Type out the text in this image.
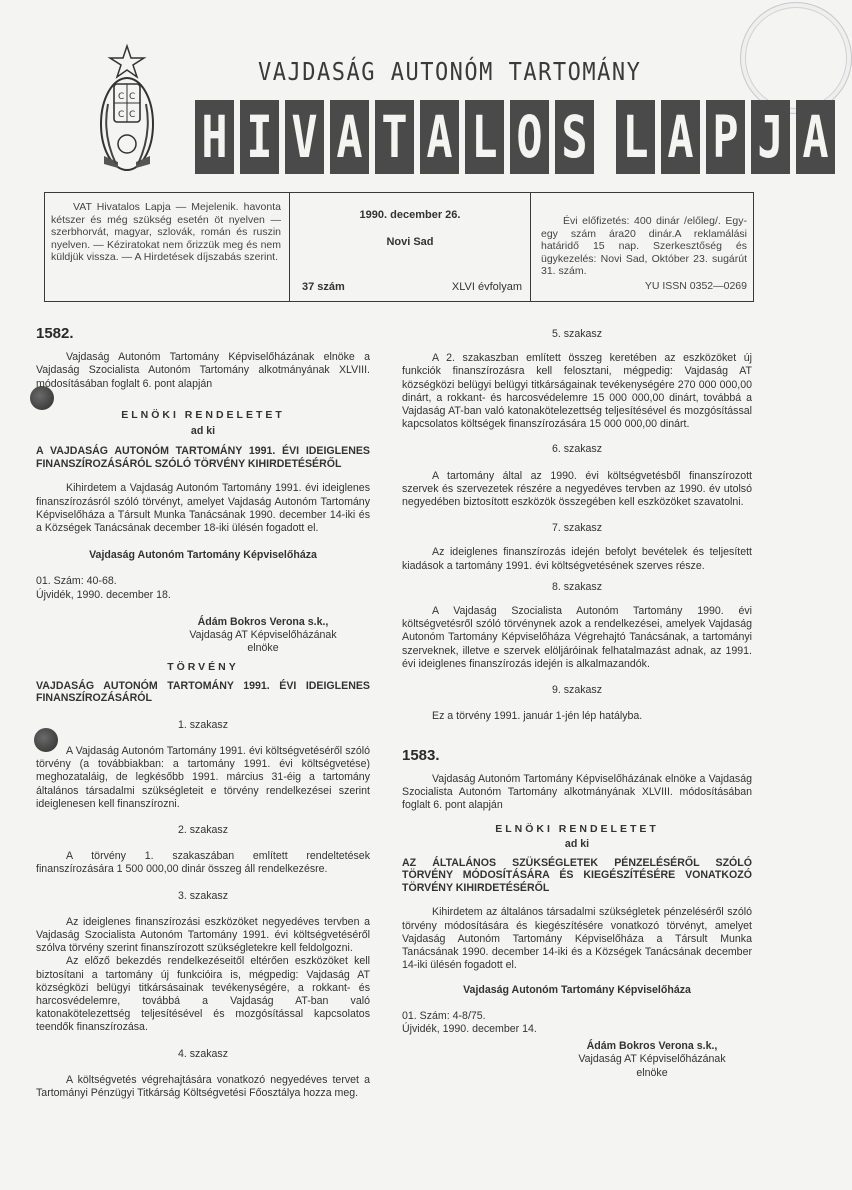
C C
C C
VAJDASÁG AUTONÓM TARTOMÁNY
H I V A T A L O S L A P J A
VAT Hivatalos Lapja — Mejelenik. havonta kétszer és még szükség esetén öt nyelven — szerbhorvát, magyar, szlovák, román és ruszin nyelven. — Kéziratokat nem őrizzük meg és nem küldjük vissza. — A Hirdetések díjszabás szerint.
1990. december 26.
Novi Sad
37 szám	XLVI évfolyam
Évi előfizetés: 400 dinár /előleg/. Egy-egy szám ára20 dinár.A reklamálási határidő 15 nap. Szerkesztőség és ügykezelés: Novi Sad, Október 23. sugárút 31. szám.
YU ISSN 0352—0269

1582.

Vajdaság Autonóm Tartomány Képviselőházának elnöke a Vajdaság Szocialista Autonóm Tartomány alkotmányának XLVIII. módosításában foglalt 6. pont alapján

ELNÖKI RENDELETET

ad ki

A VAJDASÁG AUTONÓM TARTOMÁNY 1991. ÉVI IDEIGLENES FINANSZÍROZÁSÁRÓL SZÓLÓ TÖRVÉNY KIHIRDETÉSÉRŐL

Kihirdetem a Vajdaság Autonóm Tartomány 1991. évi ideiglenes finanszírozásról szóló törvényt, amelyet Vajdaság Autonóm Tartomány Képviselőháza a Társult Munka Tanácsának 1990. december 14-iki és a Községek Tanácsának december 18-iki ülésén fogadott el.

Vajdaság Autonóm Tartomány Képviselőháza

01. Szám: 40-68.

Újvidék, 1990. december 18.

Ádám Bokros Verona s.k.,

Vajdaság AT Képviselőházának

elnöke

TÖRVÉNY

VAJDASÁG AUTONÓM TARTOMÁNY 1991. ÉVI IDEIGLENES FINANSZÍROZÁSÁRÓL

1. szakasz

A Vajdaság Autonóm Tartomány 1991. évi költségvetéséről szóló törvény (a továbbiakban: a tartomány 1991. évi költségvetése) meghozataláig, de legkésőbb 1991. március 31-éig a tartomány általános társadalmi szükségleteit e törvény rendelkezései szerint ideiglenesen kell finanszírozni.

2. szakasz

A törvény 1. szakaszában említett rendeltetések finanszírozására 1 500 000,00 dinár összeg áll rendelkezésre.

3. szakasz

Az ideiglenes finanszírozási eszközöket negyedéves tervben a Vajdaság Szocialista Autonóm Tartomány 1991. évi költségvetéséről szólva törvény szerint finanszírozott szükségletekre kell feldolgozni.

Az előző bekezdés rendelkezéseitől eltérően eszközöket kell biztosítani a tartomány új funkcióira is, mégpedig: Vajdaság AT községközi belügyi titkársásainak tevékenységére, a rokkant- és harcosvédelemre, továbbá a Vajdaság AT-ban való katonakötelezettség teljesítésével és mozgósítással kapcsolatos teendők finanszírozása.

4. szakasz

A költségvetés végrehajtására vonatkozó negyedéves tervet a Tartományi Pénzügyi Titkárság Költségvetési Főosztálya hozza meg.

5. szakasz

A 2. szakaszban említett összeg keretében az eszközöket új funkciók finanszírozásra kell felosztani, mégpedig: Vajdaság AT községközi belügyi belügyi titkárságainak tevékenységére 270 000 000,00 dinárt, a rokkant- és harcosvédelemre 15 000 000,00 dinárt, továbbá a Vajdaság AT-ban való katonakötelezettség teljesítésével és mozgósítással kapcsolatos költségek finanszírozására 15 000 000,00 dinárt.

6. szakasz

A tartomány által az 1990. évi költségvetésből finanszírozott szervek és szervezetek részére a negyedéves tervben az 1990. év utolsó negyedében biztosított eszközök összegében kell eszközöket szavatolni.

7. szakasz

Az ideiglenes finanszírozás idején befolyt bevételek és teljesített kiadások a tartomány 1991. évi költségvetésének szerves része.

8. szakasz

A Vajdaság Szocialista Autonóm Tartomány 1990. évi költségvetésről szóló törvénynek azok a rendelkezései, amelyek Vajdaság Autonóm Tartomány Képviselőháza Végrehajtó Tanácsának, a tartományi szerveknek, illetve e szervek elöljáróinak felhatalmazást adnak, az 1991. évi ideiglenes finanszírozás idején is alkalmazandók.

9. szakasz

Ez a törvény 1991. január 1-jén lép hatályba.

1583.

Vajdaság Autonóm Tartomány Képviselőházának elnöke a Vajdaság Szocialista Autonóm Tartomány alkotmányának XLVIII. módosításában foglalt 6. pont alapján

ELNÖKI RENDELETET

ad ki

AZ ÁLTALÁNOS SZÜKSÉGLETEK PÉNZELÉSÉRŐL SZÓLÓ TÖRVÉNY MÓDOSÍTÁSÁRA ÉS KIEGÉSZÍTÉSÉRE VONATKOZÓ TÖRVÉNY KIHIRDETÉSÉRŐL

Kihirdetem az általános társadalmi szükségletek pénzeléséről szóló törvény módosítására és kiegészítésére vonatkozó törvényt, amelyet Vajdaság Autonóm Tartomány Képviselőháza a Társult Munka Tanácsának 1990. december 14-iki és a Községek Tanácsának december 14-iki ülésén fogadott el.

Vajdaság Autonóm Tartomány Képviselőháza

01. Szám: 4-8/75.

Újvidék, 1990. december 14.

Ádám Bokros Verona s.k.,

Vajdaság AT Képviselőházának

elnöke
